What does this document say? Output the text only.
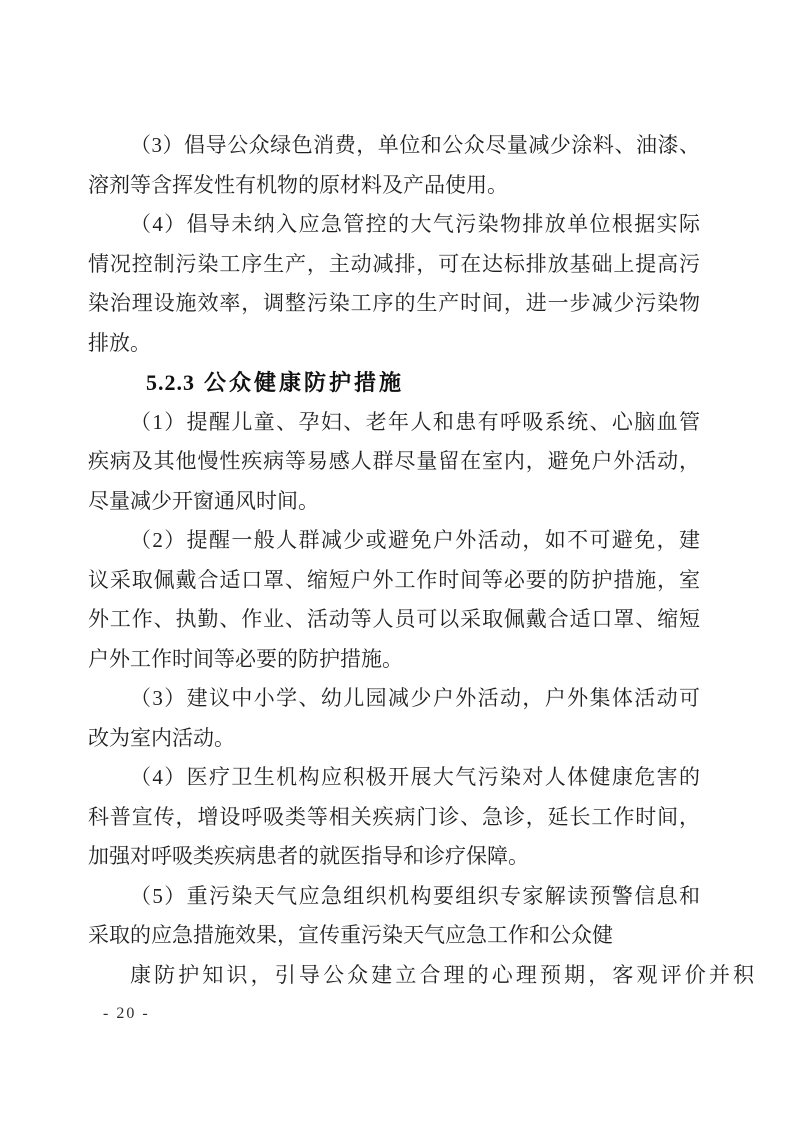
（3）倡导公众绿色消费，单位和公众尽量减少涂料、油漆、
溶剂等含挥发性有机物的原材料及产品使用。
（4）倡导未纳入应急管控的大气污染物排放单位根据实际
情况控制污染工序生产，主动减排，可在达标排放基础上提高污
染治理设施效率，调整污染工序的生产时间，进一步减少污染物
排放。
5.2.3 公众健康防护措施
（1）提醒儿童、孕妇、老年人和患有呼吸系统、心脑血管
疾病及其他慢性疾病等易感人群尽量留在室内，避免户外活动，
尽量减少开窗通风时间。
（2）提醒一般人群减少或避免户外活动，如不可避免，建
议采取佩戴合适口罩、缩短户外工作时间等必要的防护措施，室
外工作、执勤、作业、活动等人员可以采取佩戴合适口罩、缩短
户外工作时间等必要的防护措施。
（3）建议中小学、幼儿园减少户外活动，户外集体活动可
改为室内活动。
（4）医疗卫生机构应积极开展大气污染对人体健康危害的
科普宣传，增设呼吸类等相关疾病门诊、急诊，延长工作时间，
加强对呼吸类疾病患者的就医指导和诊疗保障。
（5）重污染天气应急组织机构要组织专家解读预警信息和
采取的应急措施效果，宣传重污染天气应急工作和公众健
康防护知识，引导公众建立合理的心理预期，客观评价并积
- 20 -
